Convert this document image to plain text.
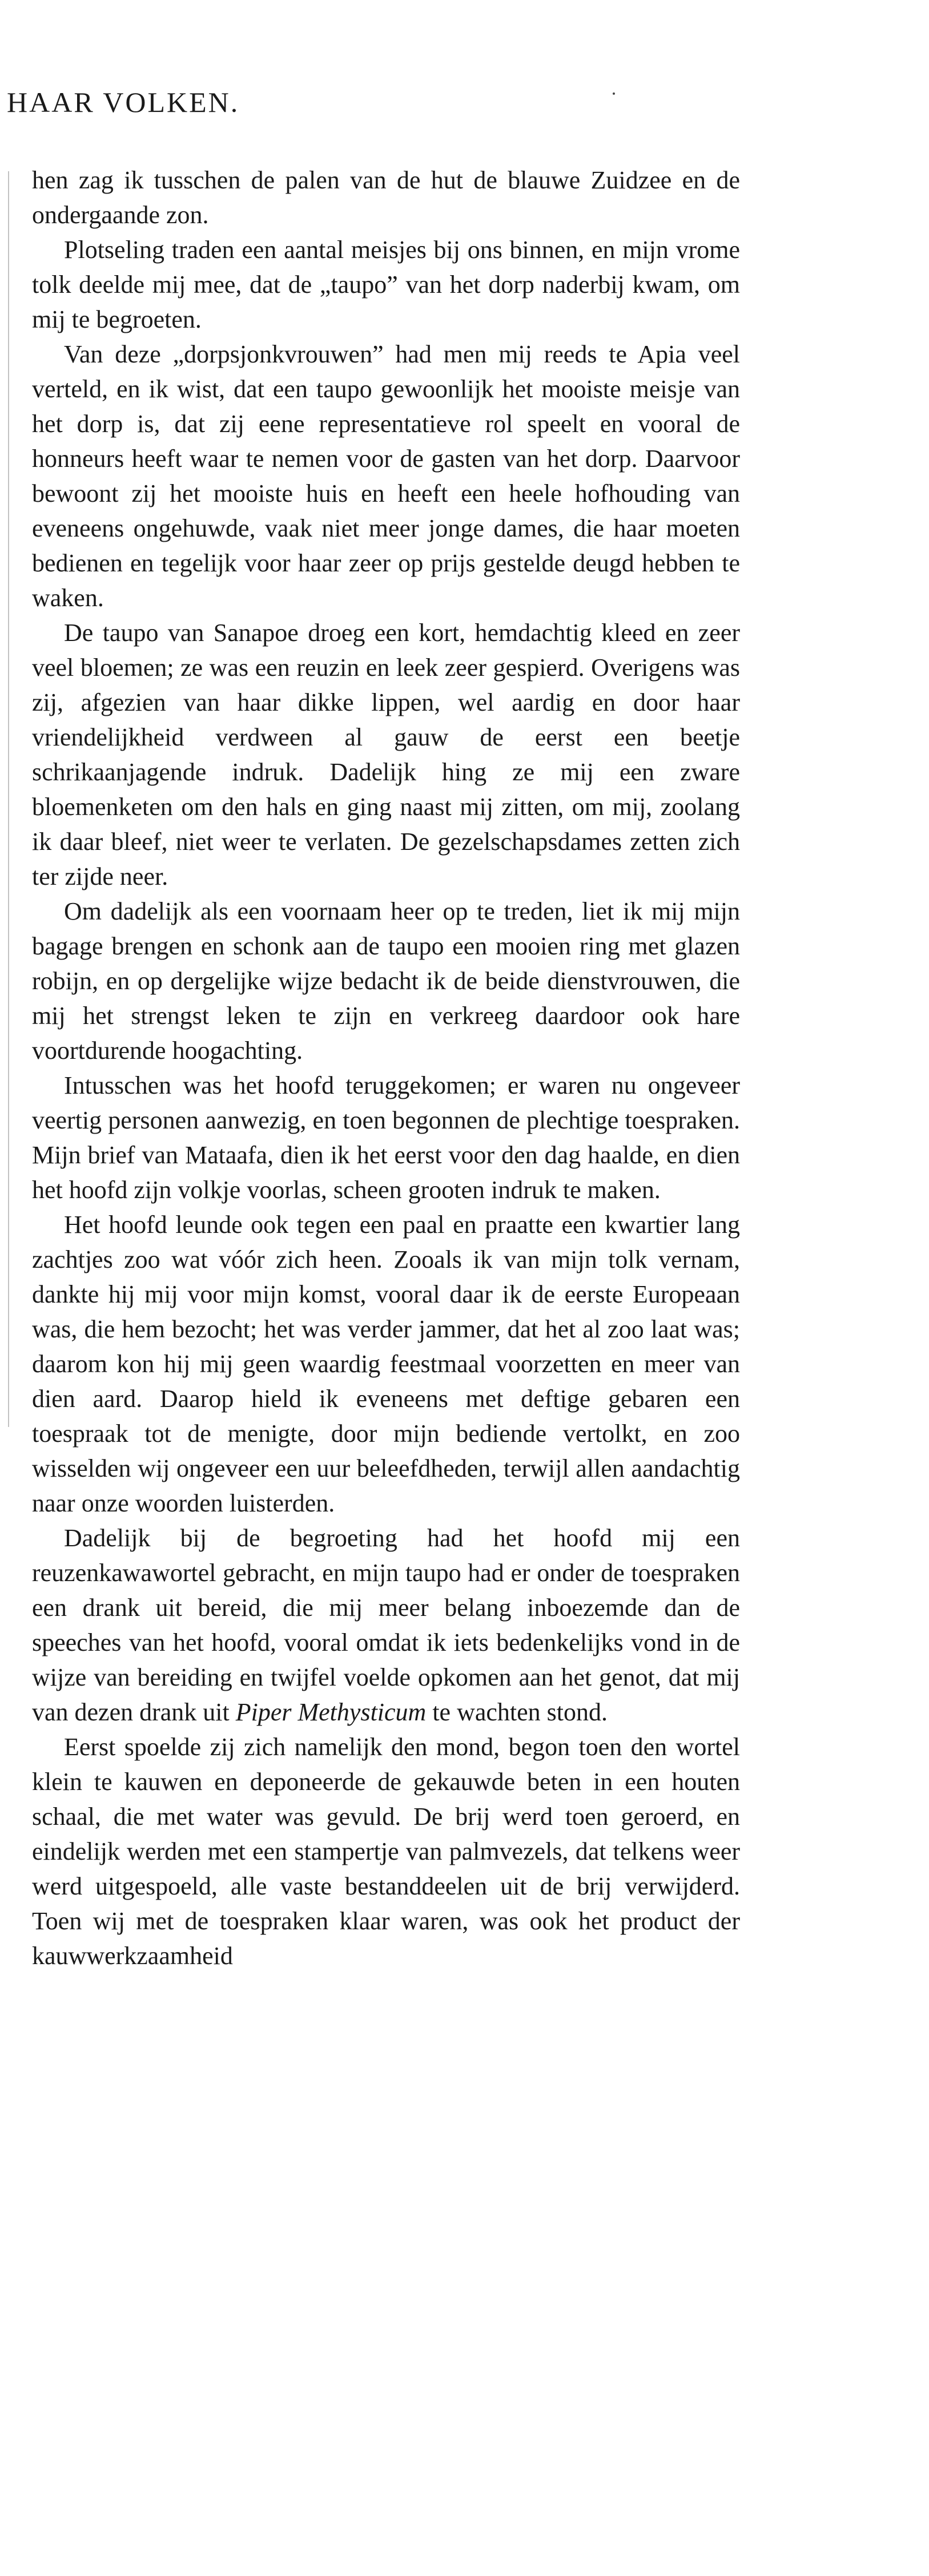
HAAR VOLKEN.

hen zag ik tusschen de palen van de hut de blauwe Zuidzee en de ondergaande zon.

Plotseling traden een aantal meisjes bij ons binnen, en mijn vrome tolk deelde mij mee, dat de „taupo” van het dorp naderbij kwam, om mij te begroeten.

Van deze „dorpsjonkvrouwen” had men mij reeds te Apia veel verteld, en ik wist, dat een taupo gewoonlijk het mooiste meisje van het dorp is, dat zij eene representatieve rol speelt en vooral de honneurs heeft waar te nemen voor de gasten van het dorp. Daarvoor bewoont zij het mooiste huis en heeft een heele hofhouding van eveneens ongehuwde, vaak niet meer jonge dames, die haar moeten bedienen en tegelijk voor haar zeer op prijs gestelde deugd hebben te waken.

De taupo van Sanapoe droeg een kort, hemdachtig kleed en zeer veel bloemen; ze was een reuzin en leek zeer gespierd. Overigens was zij, afgezien van haar dikke lippen, wel aardig en door haar vriendelijkheid verdween al gauw de eerst een beetje schrikaanjagende indruk. Dadelijk hing ze mij een zware bloemenketen om den hals en ging naast mij zitten, om mij, zoolang ik daar bleef, niet weer te verlaten. De gezelschapsdames zetten zich ter zijde neer.

Om dadelijk als een voornaam heer op te treden, liet ik mij mijn bagage brengen en schonk aan de taupo een mooien ring met glazen robijn, en op dergelijke wijze bedacht ik de beide dienstvrouwen, die mij het strengst leken te zijn en verkreeg daardoor ook hare voortdurende hoogachting.

Intusschen was het hoofd teruggekomen; er waren nu ongeveer veertig personen aanwezig, en toen begonnen de plechtige toespraken. Mijn brief van Mataafa, dien ik het eerst voor den dag haalde, en dien het hoofd zijn volkje voorlas, scheen grooten indruk te maken.

Het hoofd leunde ook tegen een paal en praatte een kwartier lang zachtjes zoo wat vóór zich heen. Zooals ik van mijn tolk vernam, dankte hij mij voor mijn komst, vooral daar ik de eerste Europeaan was, die hem bezocht; het was verder jammer, dat het al zoo laat was; daarom kon hij mij geen waardig feestmaal voorzetten en meer van dien aard. Daarop hield ik eveneens met deftige gebaren een toespraak tot de menigte, door mijn bediende vertolkt, en zoo wisselden wij ongeveer een uur beleefdheden, terwijl allen aandachtig naar onze woorden luisterden.

Dadelijk bij de begroeting had het hoofd mij een reuzenkawawortel gebracht, en mijn taupo had er onder de toespraken een drank uit bereid, die mij meer belang inboezemde dan de speeches van het hoofd, vooral omdat ik iets bedenkelijks vond in de wijze van bereiding en twijfel voelde opkomen aan het genot, dat mij van dezen drank uit Piper Methysticum te wachten stond.

Eerst spoelde zij zich namelijk den mond, begon toen den wortel klein te kauwen en deponeerde de gekauwde beten in een houten schaal, die met water was gevuld. De brij werd toen geroerd, en eindelijk werden met een stampertje van palmvezels, dat telkens weer werd uitgespoeld, alle vaste bestanddeelen uit de brij verwijderd. Toen wij met de toespraken klaar waren, was ook het product der kauwwerkzaamheid
